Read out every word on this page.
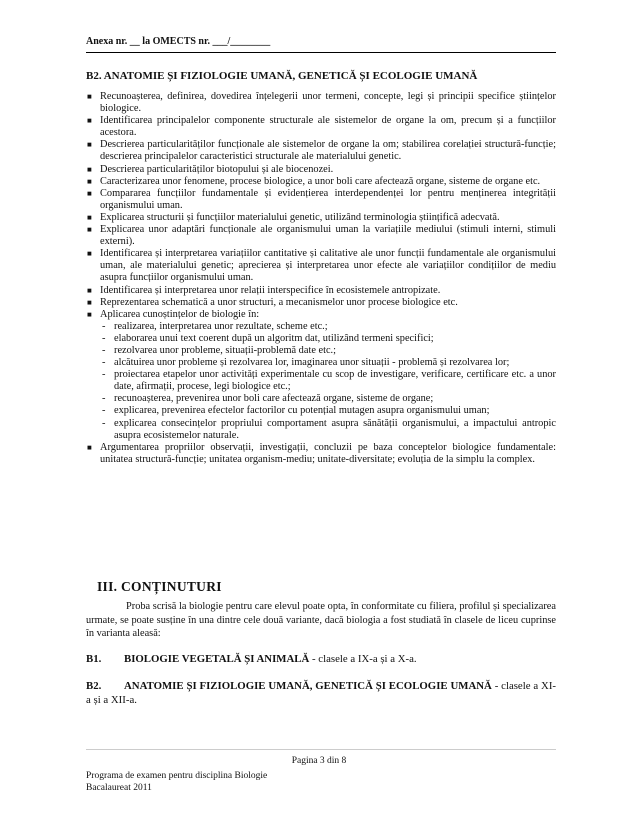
Anexa nr. __ la OMECTS nr. ___/________
B2. ANATOMIE ȘI FIZIOLOGIE UMANĂ, GENETICĂ ȘI ECOLOGIE UMANĂ
■ Recunoașterea, definirea, dovedirea înțelegerii unor termeni, concepte, legi și principii specifice științelor biologice.
■ Identificarea principalelor componente structurale ale sistemelor de organe la om, precum și a funcțiilor acestora.
■ Descrierea particularităților funcționale ale sistemelor de organe la om; stabilirea corelației structură-funcție; descrierea principalelor caracteristici structurale ale materialului genetic.
■ Descrierea particularităților biotopului și ale biocenozei.
■ Caracterizarea unor fenomene, procese biologice, a unor boli care afectează organe, sisteme de organe etc.
■ Compararea funcțiilor fundamentale și evidențierea interdependenței lor pentru menținerea integrității organismului uman.
■ Explicarea structurii și funcțiilor materialului genetic, utilizând terminologia științifică adecvată.
■ Explicarea unor adaptări funcționale ale organismului uman la variațiile mediului (stimuli interni, stimuli externi).
■ Identificarea și interpretarea variațiilor cantitative și calitative ale unor funcții fundamentale ale organismului uman, ale materialului genetic; aprecierea și interpretarea unor efecte ale variațiilor condițiilor de mediu asupra funcțiilor organismului uman.
■ Identificarea și interpretarea unor relații interspecifice în ecosistemele antropizate.
■ Reprezentarea schematică a unor structuri, a mecanismelor unor procese biologice etc.
■ Aplicarea cunoștințelor de biologie în:
- realizarea, interpretarea unor rezultate, scheme etc.;
- elaborarea unui text coerent după un algoritm dat, utilizând termeni specifici;
- rezolvarea unor probleme, situații-problemă date etc.;
- alcătuirea unor probleme și rezolvarea lor, imaginarea unor situații - problemă și rezolvarea lor;
- proiectarea etapelor unor activități experimentale cu scop de investigare, verificare, certificare etc. a unor date, afirmații, procese, legi biologice etc.;
- recunoașterea, prevenirea unor boli care afectează organe, sisteme de organe;
- explicarea, prevenirea efectelor factorilor cu potențial mutagen asupra organismului uman;
- explicarea consecințelor propriului comportament asupra sănătății organismului, a impactului antropic asupra ecosistemelor naturale.
■ Argumentarea propriilor observații, investigații, concluzii pe baza conceptelor biologice fundamentale: unitatea structură-funcție; unitatea organism-mediu; unitate-diversitate; evoluția de la simplu la complex.
III. CONȚINUTURI
Proba scrisă la biologie pentru care elevul poate opta, în conformitate cu filiera, profilul și specializarea urmate, se poate susține în una dintre cele două variante, dacă biologia a fost studiată în clasele de liceu cuprinse în varianta aleasă:
B1. BIOLOGIE VEGETALĂ ȘI ANIMALĂ - clasele a IX-a și a X-a.
B2. ANATOMIE ȘI FIZIOLOGIE UMANĂ, GENETICĂ ȘI ECOLOGIE UMANĂ - clasele a XI-a și a XII-a.
Pagina 3 din 8
Programa de examen pentru disciplina Biologie
Bacalaureat 2011
